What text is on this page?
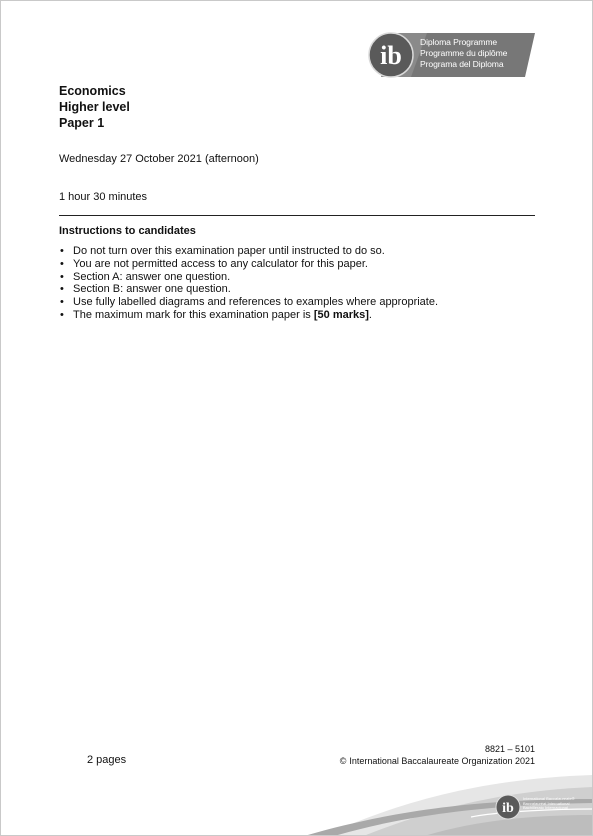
ib Diploma Programme
Programme du diplôme
Programa del Diploma
Economics
Higher level
Paper 1
Wednesday 27 October 2021 (afternoon)
1 hour 30 minutes
Instructions to candidates
• Do not turn over this examination paper until instructed to do so.
• You are not permitted access to any calculator for this paper.
• Section A: answer one question.
• Section B: answer one question.
• Use fully labelled diagrams and references to examples where appropriate.
• The maximum mark for this examination paper is [50 marks].
2 pages
8821 – 5101
© International Baccalaureate Organization 2021
ib
International Baccalaureate®
Baccalauréat International
Bachillerato Internacional
